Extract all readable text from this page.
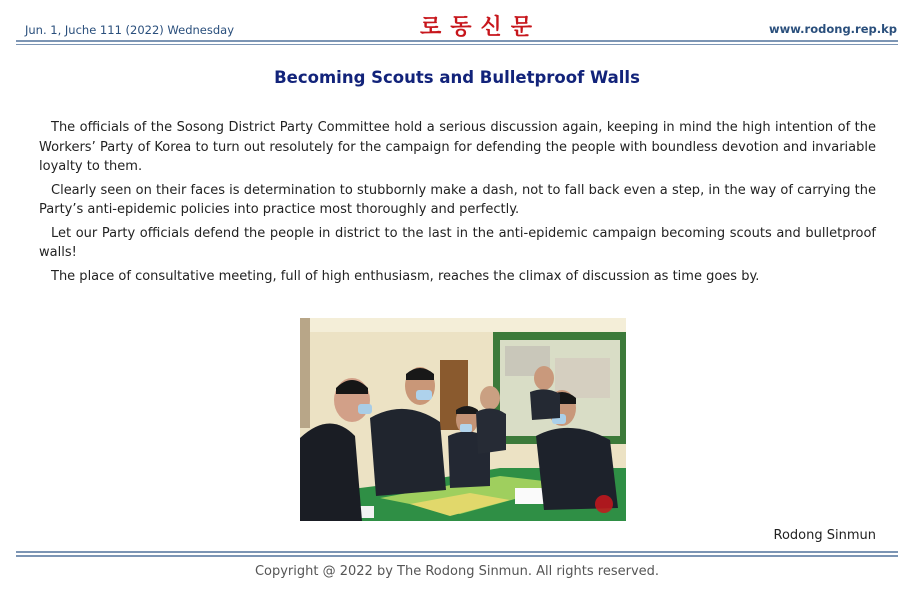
Jun. 1, Juche 111 (2022) Wednesday	로동신문	www.rodong.rep.kp
Becoming Scouts and Bulletproof Walls

The officials of the Sosong District Party Committee hold a serious discussion again, keeping in mind the high intention of the Workers’ Party of Korea to turn out resolutely for the campaign for defending the people with boundless devotion and invariable loyalty to them.

Clearly seen on their faces is determination to stubbornly make a dash, not to fall back even a step, in the way of carrying the Party’s anti-epidemic policies into practice most thoroughly and perfectly.

Let our Party officials defend the people in district to the last in the anti-epidemic campaign becoming scouts and bulletproof walls!

The place of consultative meeting, full of high enthusiasm, reaches the climax of discussion as time goes by.

Rodong Sinmun
Copyright @ 2022 by The Rodong Sinmun. All rights reserved.
